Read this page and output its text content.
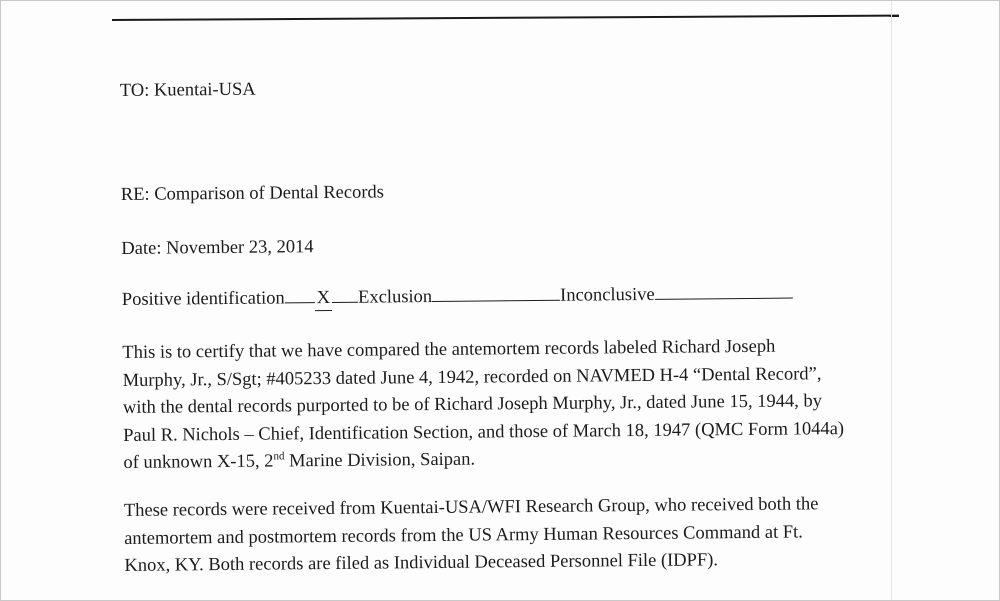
TO: Kuentai-USA
RE: Comparison of Dental Records
Date: November 23, 2014
Positive identification X Exclusion	Inconclusive
This is to certify that we have compared the antemortem records labeled Richard Joseph
Murphy, Jr., S/Sgt; #405233 dated June 4, 1942, recorded on NAVMED H-4 “Dental Record”,
with the dental records purported to be of Richard Joseph Murphy, Jr., dated June 15, 1944, by
Paul R. Nichols – Chief, Identification Section, and those of March 18, 1947 (QMC Form 1044a)
of unknown X-15, 2nd Marine Division, Saipan.
These records were received from Kuentai-USA/WFI Research Group, who received both the
antemortem and postmortem records from the US Army Human Resources Command at Ft.
Knox, KY. Both records are filed as Individual Deceased Personnel File (IDPF).
